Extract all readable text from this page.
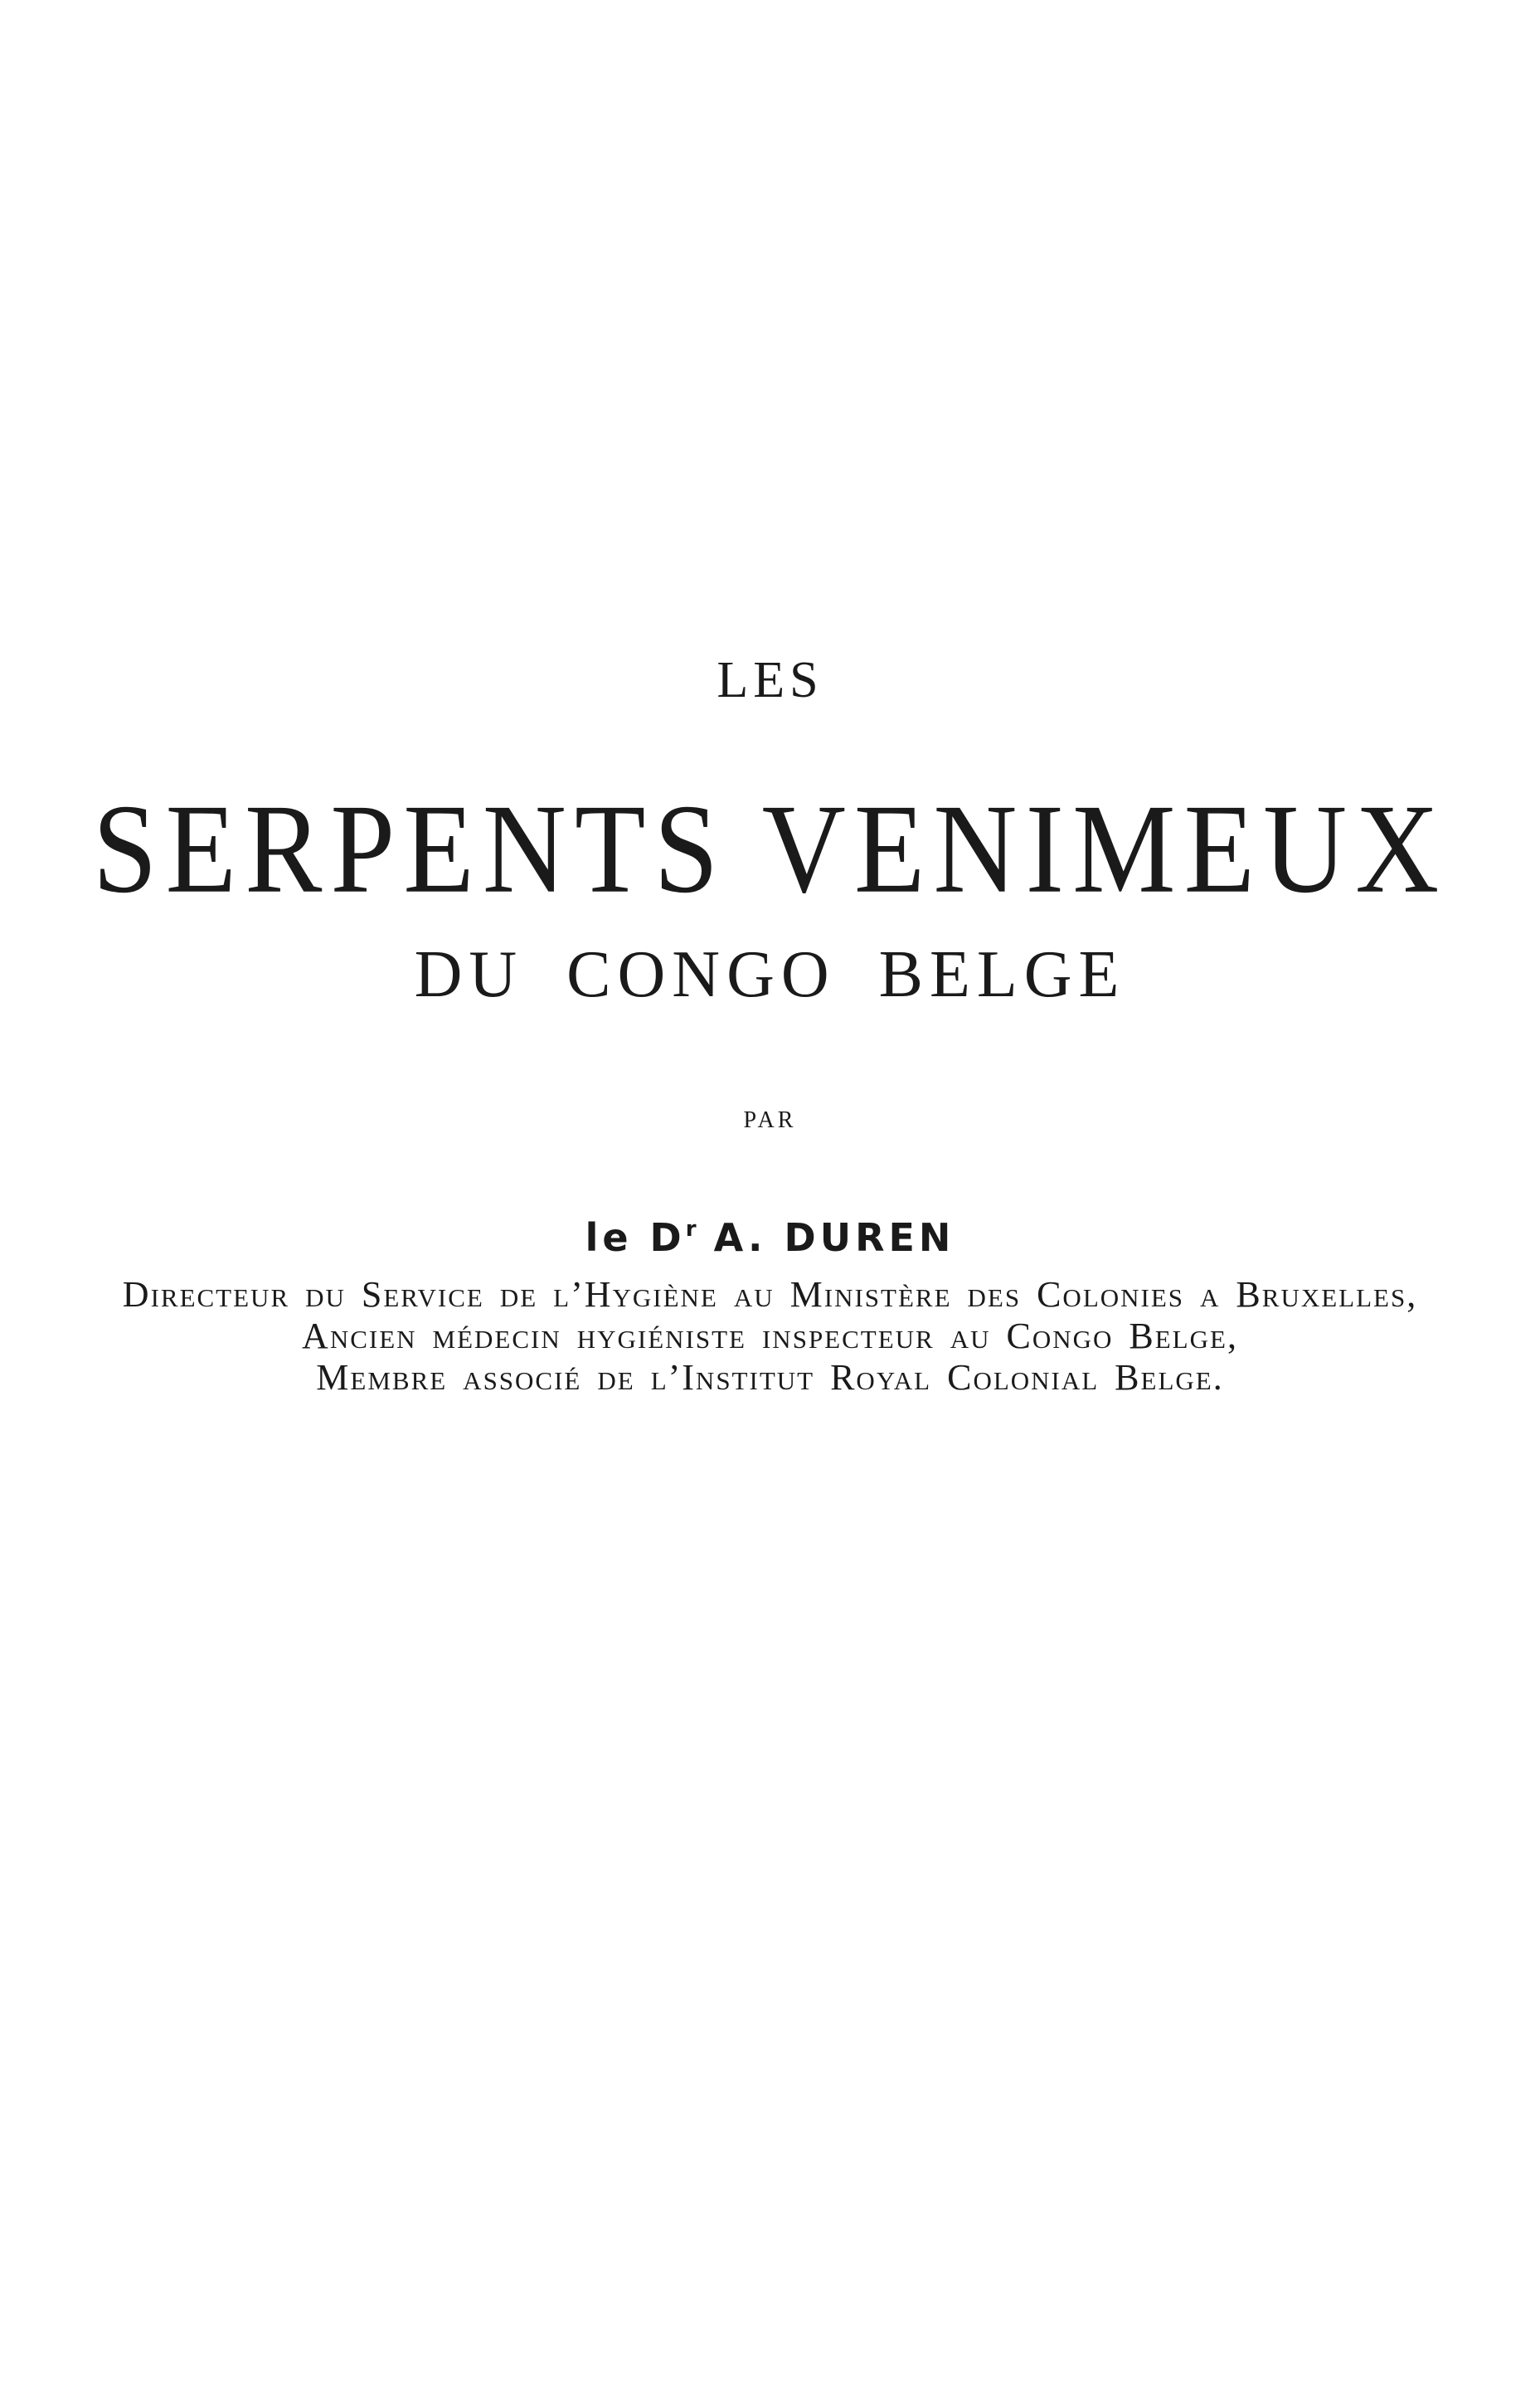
LES
SERPENTS VENIMEUX
DU CONGO BELGE
PAR
le $D^r$ A. DUREN
Directeur du Service de l’Hygiène au Ministère des Colonies a Bruxelles,
Ancien médecin hygiéniste inspecteur au Congo Belge,
Membre associé de l’Institut Royal Colonial Belge.
